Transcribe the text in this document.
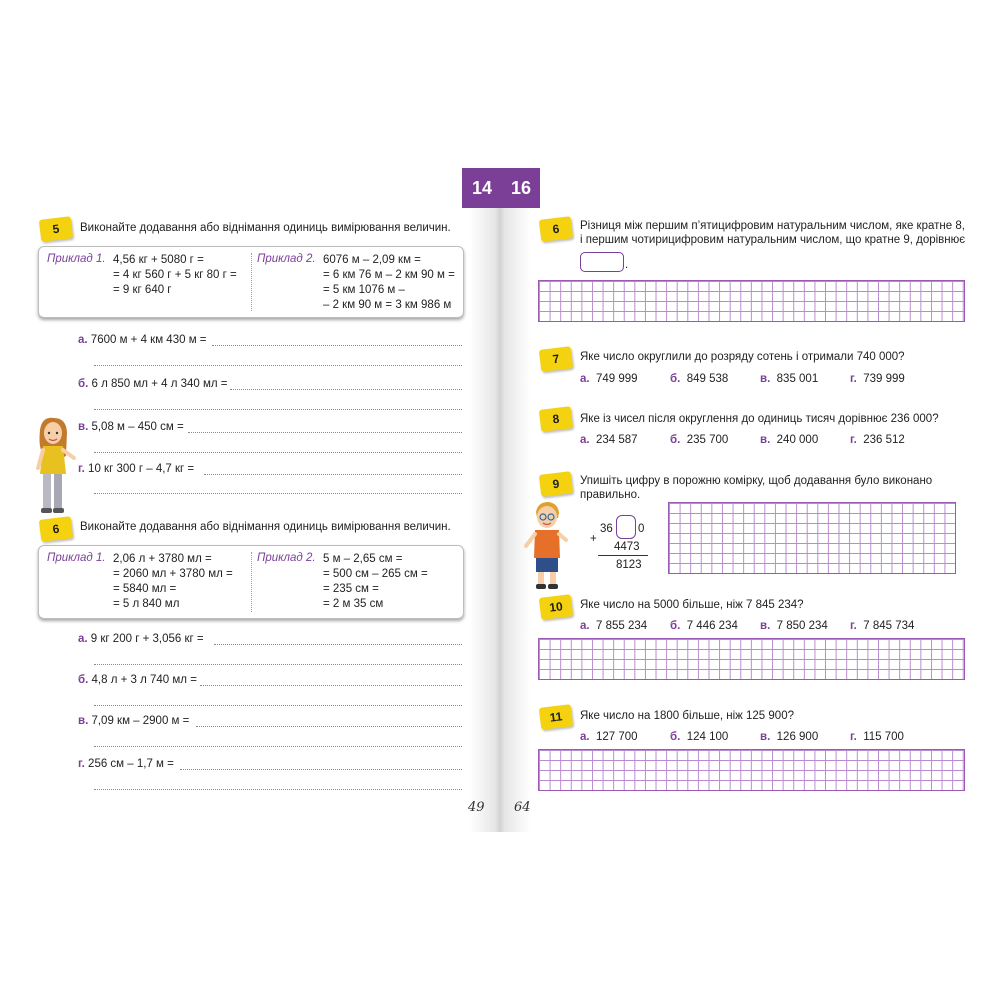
14	16
5	Виконайте додавання або віднімання одиниць вимірювання величин.
Приклад 1. 4,56 кг + 5080 г =
= 4 кг 560 г + 5 кг 80 г =
= 9 кг 640 г
Приклад 2. 6076 м – 2,09 км =
= 6 км 76 м – 2 км 90 м =
= 5 км 1076 м –
– 2 км 90 м = 3 км 986 м
а. 7600 м + 4 км 430 м =
б. 6 л 850 мл + 4 л 340 мл =
в. 5,08 м – 450 см =
г. 10 кг 300 г – 4,7 кг =
6	Виконайте додавання або віднімання одиниць вимірювання величин.
Приклад 1. 2,06 л + 3780 мл =
= 2060 мл + 3780 мл =
= 5840 мл =
= 5 л 840 мл
Приклад 2. 5 м – 2,65 см =
= 500 см – 265 см =
= 235 см =
= 2 м 35 см
а. 9 кг 200 г + 3,056 кг =
б. 4,8 л + 3 л 740 мл =
в. 7,09 км – 2900 м =
г. 256 см – 1,7 м =
49
6	Різниця між першим п’ятицифровим натуральним числом, яке кратне 8,
і першим чотирицифровим натуральним числом, що кратне 9, дорівнює
.
7	Яке число округлили до розряду сотень і отримали 740 000?
а. 749 999	б. 849 538	в. 835 001	г. 739 999
8	Яке із чисел після округлення до одиниць тисяч дорівнює 236 000?
а. 234 587	б. 235 700	в. 240 000	г. 236 512
9	Упишіть цифру в порожню комірку, щоб додавання було виконано
правильно.
+
36 0
4473
8123
10	Яке число на 5000 більше, ніж 7 845 234?
а. 7 855 234 б. 7 446 234 в. 7 850 234 г. 7 845 734
11	Яке число на 1800 більше, ніж 125 900?
а. 127 700	б. 124 100	в. 126 900	г. 115 700
64
